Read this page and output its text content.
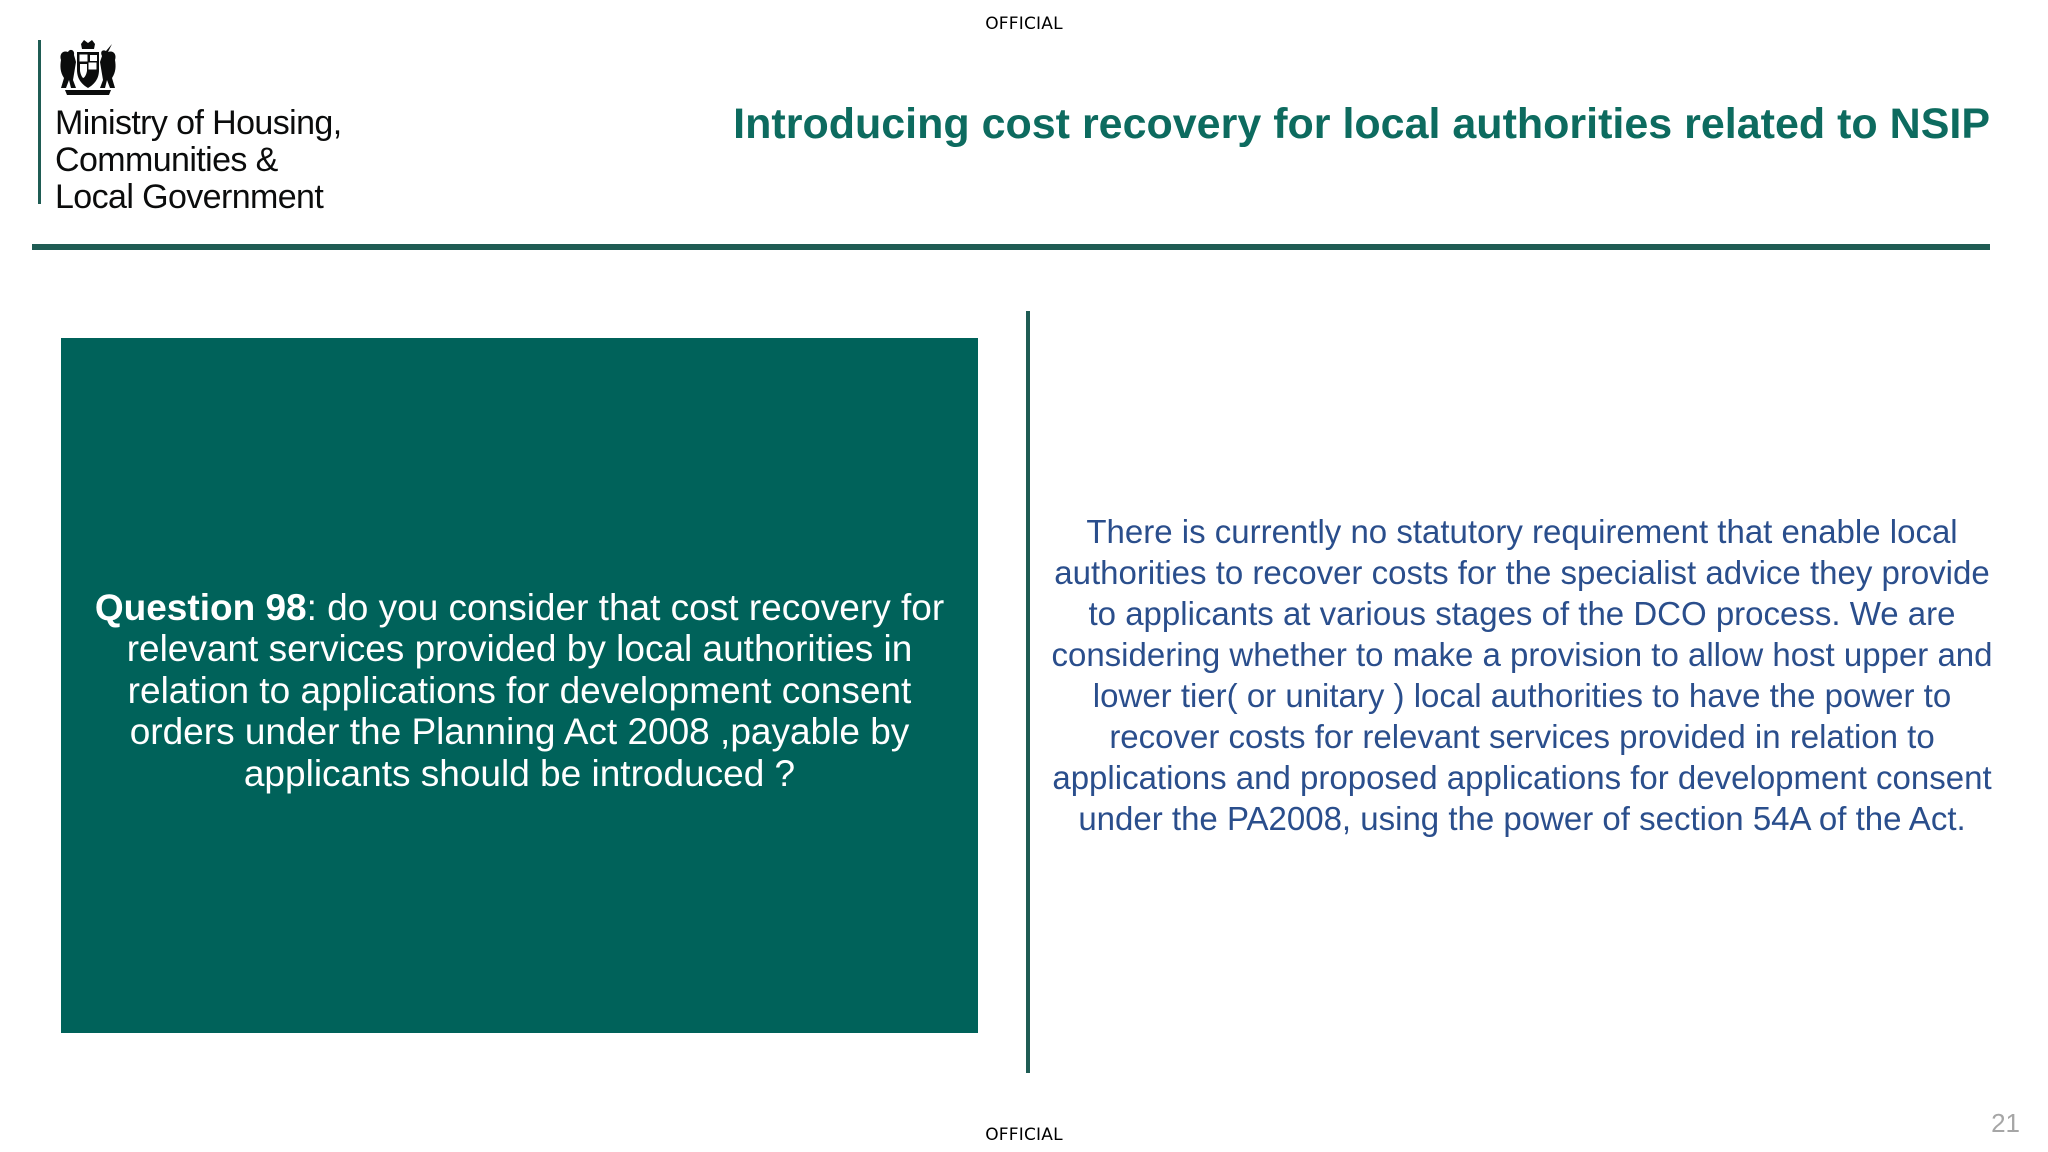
OFFICIAL
Ministry of Housing,
Communities &
Local Government
Introducing cost recovery for local authorities related to NSIP
Question 98: do you consider that cost recovery for relevant services provided by local authorities in relation to applications for development consent orders under the Planning Act 2008 ,payable by applicants should be introduced ?
There is currently no statutory requirement that enable local authorities to recover costs for the specialist advice they provide to applicants at various stages of the DCO process. We are considering whether to make a provision to allow host upper and lower tier( or unitary ) local authorities to have the power to recover costs for relevant services provided in relation to applications and proposed applications for development consent under the PA2008, using the power of section 54A of the Act.
OFFICIAL	21
